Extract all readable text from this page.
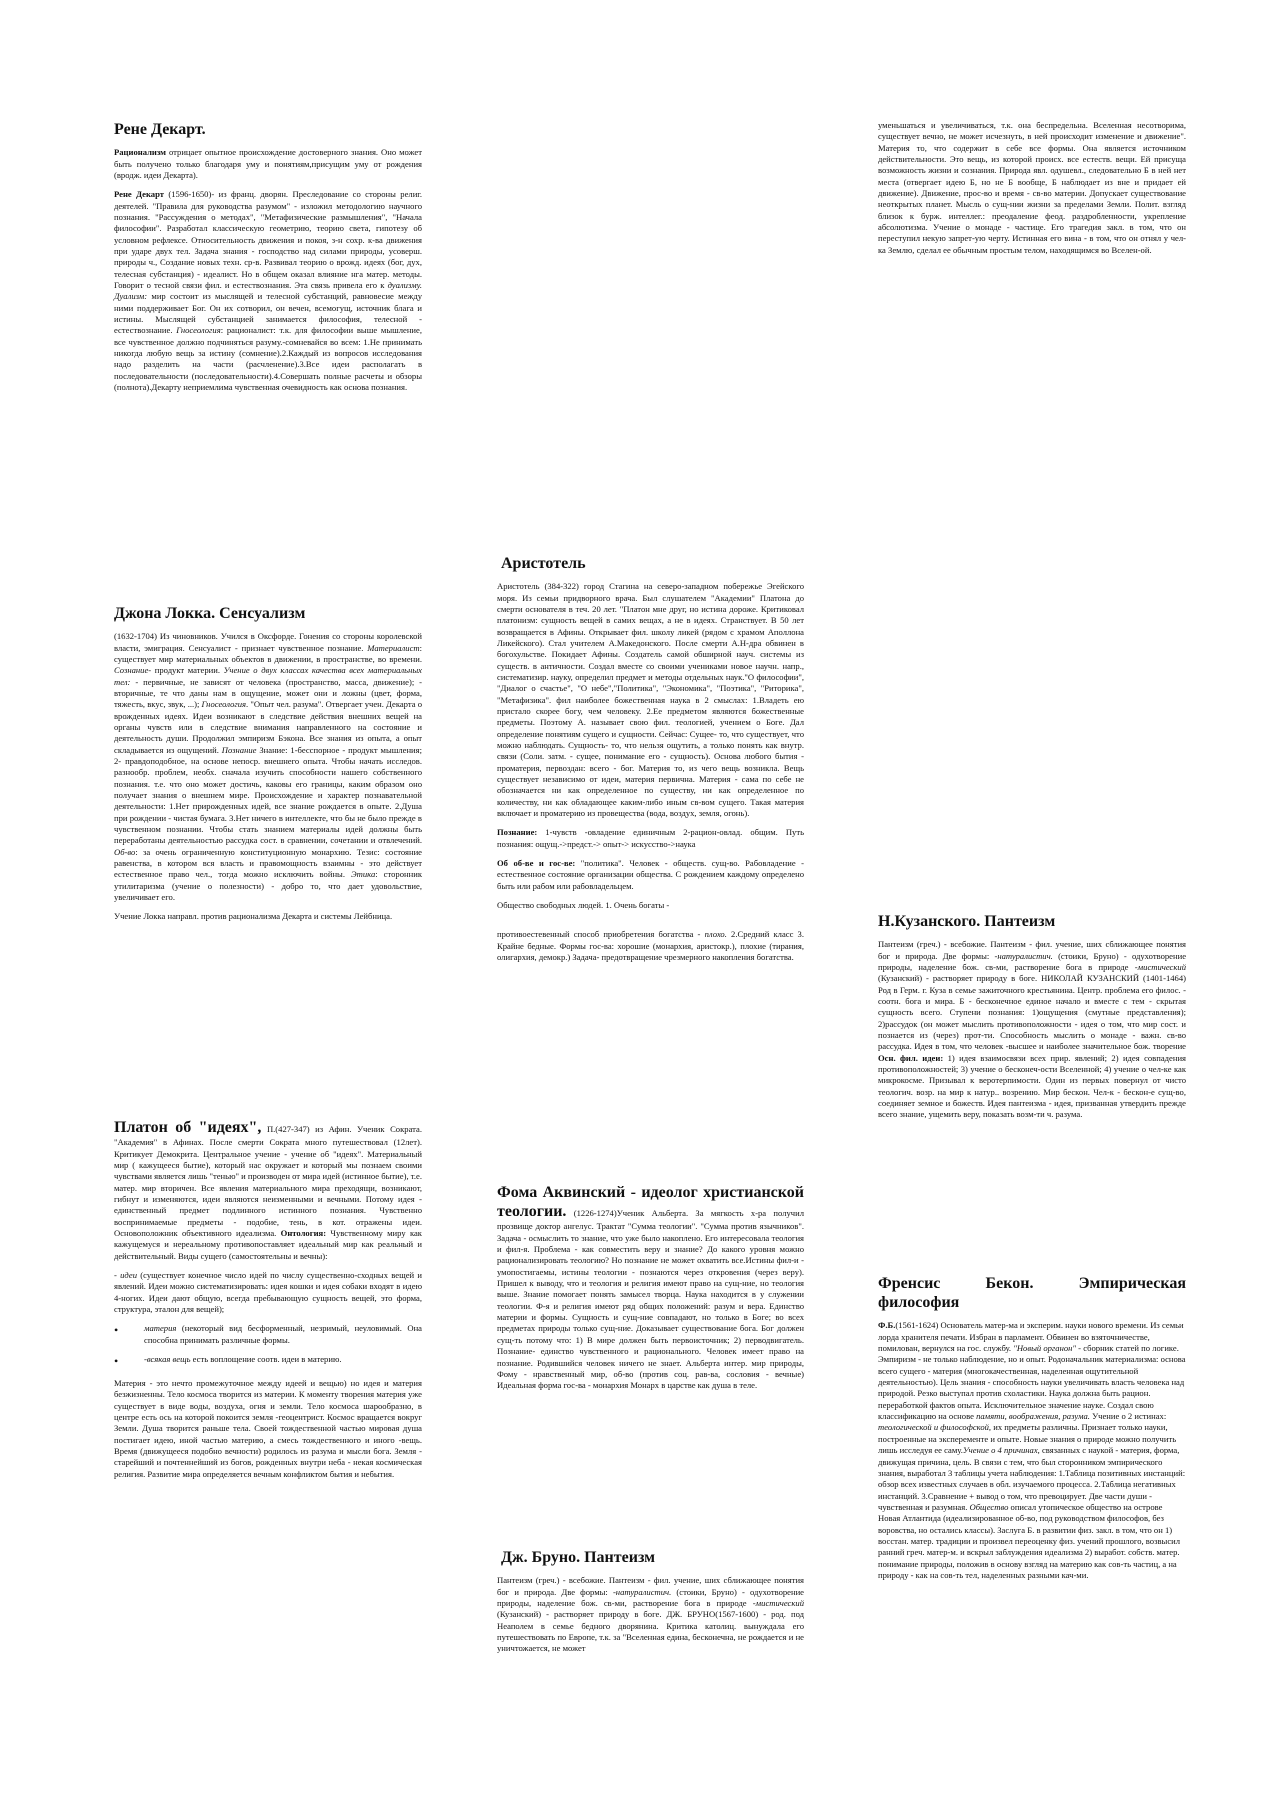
Рене Декарт.

Рационализм отрицает опытное происхождение достоверного знания. Оно может быть получено только благодаря уму и понятиям,присущим уму от рождения (вродж. идеи Декарта).

Рене Декарт (1596-1650)- из франц. дворян. Преследование со стороны религ. деятелей. "Правила для руководства разумом" - изложил методологию научного познания. "Рассуждения о методах", "Метафизические размышления", "Начала философии". Разработал классическую геометрию, теорию света, гипотезу об условном рефлексе. Относительность движения и покоя, з-н сохр. к-ва движения при ударе двух тел. Задача знания - господство над силами природы, усоверш. природы ч., Создание новых техн. ср-в. Развивал теорию о врожд. идеях (бог, дух, телесная субстанция) - идеалист. Но в общем оказал влияние нга матер. методы. Говорит о тесной связи фил. и естествознания. Эта связь привела его к дуализму. Дуализм: мир состоит из мыслящей и телесной субстанций, равновесие между ними поддерживает Бог. Он их сотворил, он вечен, всемогущ, источник блага и истины. Мыслящей субстанцией занимается философия, телесной - естествознание. Гносеология: рационалист: т.к. для философии выше мышление, все чувственное должно подчиняться разуму.-сомневайся во всем: 1.Не принимать никогда любую вещь за истину (сомнение).2.Каждый из вопросов исследования надо разделить на части (расчленение).3.Все идеи располагать в последовательности (последовательности).4.Совершать полные расчеты и обзоры (полнота).Декарту неприемлима чувственная очевидность как основа познания.

Джона Локка. Сенсуализм

(1632-1704) Из чиновников. Учился в Оксфорде. Гонения со стороны королевской власти, эмиграция. Сенсуалист - признает чувственное познание. Материалист: существует мир материальных объектов в движении, в пространстве, во времени. Сознание- продукт материи. Учение о двух классах качества всех материальных тел: - первичные, не зависят от человека (пространство, масса, движение); - вторичные, те что даны нам в ощущение, может они и ложны (цвет, форма, тяжесть, вкус, звук, ...); Гносеология. "Опыт чел. разума". Отвергает учен. Декарта о врожденных идеях. Идеи возникают в следствие действия внешних вещей на органы чувств или в следствие внимания направленного на состояние и деятельность души. Продолжил эмпиризм Бэкона. Все знания из опыта, а опыт складывается из ощущений. Познание Знание: 1-бесспорное - продукт мышления; 2- правдоподобное, на основе непоср. внешнего опыта. Чтобы начать исследов. разнообр. проблем, необх. сначала изучить способности нашего собственного познания. т.е. что оно может достичь, каковы его границы, каким образом оно получает знания о внешнем мире. Происхождение и характер познавательной деятельности: 1.Нет прирожденных идей, все знание рождается в опыте. 2.Душа при рождении - чистая бумага. 3.Нет ничего в интеллекте, что бы не было прежде в чувственном познании. Чтобы стать знанием материалы идей должны быть переработаны деятельностью рассудка сост. в сравнении, сочетании и отвлечений. Об-во: за очень ограниченную конституционную монархию. Тезис: состояние равенства, в котором вся власть и правомощность взаимны - это действует естественное право чел., тогда можно исключить войны. Этика: сторонник утилитаризма (учение о полезности) - добро то, что дает удовольствие, увеличивает его.

Учение Локка направл. против рационализма Декарта и системы Лейбница.

Платон об "идеях", П.(427-347) из Афин. Ученик Сократа. "Академия" в Афинах. После смерти Сократа много путешествовал (12лет). Критикует Демокрита. Центральное учение - учение об "идеях". Материальный мир ( кажущееся бытие), который нас окружает и который мы познаем своими чувствами является лишь "тенью" и производен от мира идей (истинное бытие), т.е. матер. мир вторичен. Все явления материального мира преходящи, возникают, гибнут и изменяются, идеи являются неизменными и вечными. Потому идея - единственный предмет подлинного истинного познания. Чувственно воспринимаемые предметы - подобие, тень, в кот. отражены идеи. Основоположник объективного идеализма. Онтология: Чувственному миру как кажущемуся и нереальному противопоставляет идеальный мир как реальный и действительный. Виды сущего (самостоятельны и вечны):

- идеи (существует конечное число идей по числу существенно-сходных вещей и явлений. Идеи можно систематизировать: идея кошки и идея собаки входят в идею 4-ногих. Идеи дают общую, всегда пребывающую сущность вещей, это форма, структура, эталон для вещей);

•	материя (некоторый вид бесформенный, незримый, неуловимый. Она способна принимать различные формы.
•	-всякая вещь есть воплощение соотв. идеи в материю.

Материя - это нечто промежуточное между идеей и вещью) но идея и материя безжизненны. Тело космоса творится из материи. К моменту творения материя уже существует в виде воды, воздуха, огня и земли. Тело космоса шарообразно, в центре есть ось на которой покоится земля -геоцентрист. Космос вращается вокруг Земли. Душа творится раньше тела. Своей тождественной частью мировая душа постигает идею, иной частью материю, а смесь тождественного и иного -вещь. Время (движущееся подобно вечности) родилось из разума и мысли бога. Земля - старейший и почтеннейший из богов, рожденных внутри неба - некая космическая религия. Развитие мира определяется вечным конфликтом бытия и небытия.

Аристотель

Аристотель (384-322) город Стагина на северо-западном побережье Эгейского моря. Из семьи придворного врача. Был слушателем "Академии" Платона до смерти основателя в теч. 20 лет. "Платон мне друг, но истина дороже. Критиковал платонизм: сущность вещей в самих вещах, а не в идеях. Странствует. В 50 лет возвращается в Афины. Открывает фил. школу ликей (рядом с храмом Аполлона Ликейского). Стал учителем А.Македонского. После смерти А.Н-дра обвинен в богохульстве. Покидает Афины. Создатель самой обширной науч. системы из существ. в античности. Создал вместе со своими учениками новое научн. напр., систематизир. науку, определил предмет и методы отдельных наук."О философии", "Диалог о счастье", "О небе","Политика", "Экономика", "Поэтика", "Риторика", "Метафизика". фил наиболее божественная наука в 2 смыслах: 1.Владеть ею пристало скорее богу, чем человеку. 2.Ее предметом являются божественные предметы. Поэтому А. называет свою фил. теологией, учением о Боге. Дал определение понятиям сущего и сущности. Сейчас: Сущее- то, что существует, что можно наблюдать. Сущность- то, что нельзя ощутить, а только понять как внутр. связи (Соли. затм. - сущее, понимание его - сущность). Основа любого бытия - проматерия, первоздан: всего - бог. Материя то, из чего вещь возникла. Вещь существует независимо от идеи, материя первична. Материя - сама по себе не обозначается ни как определенное по существу, ни как определенное по количеству, ни как обладающее каким-либо иным св-вом сущего. Такая материя включает и проматерию из провещества (вода, воздух, земля, огонь).

Познание: 1-чувств -овладение единичным 2-рацион-овлад. общим. Путь познания: ощущ.->предст.-> опыт-> искусство->наука

Об об-ве и гос-ве: "политика". Человек - обществ. сущ-во. Рабовладение - естественное состояние организации общества. С рождением каждому определено быть или рабом или рабовладельцем.

Общество свободных людей. 1. Очень богаты -

противоестевенный способ приобретения богатства - плохо. 2.Средний класс 3. Крайне бедные. Формы гос-ва: хорошие (монархия, аристокр.), плохие (тирания, олигархия, демокр.) Задача- предотвращение чрезмерного накопления богатства.

Фома Аквинский - идеолог христианской теологии. (1226-1274)Ученик Альберта. За мягкость х-ра получил прозвище доктор ангелус. Трактат "Сумма теологии". "Сумма против язычников". Задача - осмыслить то знание, что уже было накоплено. Его интересовала теология и фил-я. Проблема - как совместить веру и знание? До какого уровня можно рационализировать теологию? Но познание не может охватить все.Истины фил-и - умопостигаемы, истины теологии - познаются через откровения (через веру). Пришел к выводу, что и теология и религия имеют право на сущ-ние, но теология выше. Знание помогает понять замысел творца. Наука находится в у служении теологии. Ф-я и религия имеют ряд общих положений: разум и вера. Единство материи и формы. Сущность и сущ-ние совпадают, но только в Боге; во всех предметах природы только сущ-ние. Доказывает существование бога. Бог должен сущ-ть потому что: 1) В мире должен быть первоисточник; 2) перводвигатель. Познание- единство чувственного и рационального. Человек имеет право на познание. Родившийся человек ничего не знает. Альберта интер. мир природы, Фому - нравственный мир, об-во (против соц. рав-ва, сословия - вечные) Идеальная форма гос-ва - монархия Монарх в царстве как душа в теле.

Дж. Бруно. Пантеизм

Пантеизм (греч.) - всебожие. Пантеизм - фил. учение, ших сближающее понятия бог и природа. Две формы: -натуралистич. (стоики, Бруно) - одухотворение природы, наделение бож. св-ми, растворение бога в природе -мистический (Кузанский) - растворяет природу в боге. ДЖ. БРУНО(1567-1600) - род. под Неаполем в семье бедного дворянина. Критика католиц. вынуждала его путешествовать по Европе, т.к. за "Вселенная едина, бесконечна, не рождается и не уничтожается, не может

уменьшаться и увеличиваться, т.к. она беспредельна. Вселенная несотворима, существует вечно, не может исчезнуть, в ней происходит изменение и движение". Материя то, что содержит в себе все формы. Она является источником действительности. Это вещь, из которой происх. все естеств. вещи. Ей присуща возможность жизни и сознания. Природа явл. одушевл., следовательно Б в ней нет места (отвергает идею Б, но не Б вообще, Б наблюдает из вне и придает ей движение). Движение, прос-во и время - св-во материи. Допускает существование неоткрытых планет. Мысль о сущ-нии жизни за пределами Земли. Полит. взгляд близок к бурж. интеллег.: преодаление феод. раздробленности, укрепление абсолютизма. Учение о монаде - частице. Его трагедия закл. в том, что он переступил некую запрет-ую черту. Истинная его вина - в том, что он отнял у чел-ка Землю, сделал ее обычным простым телом, находящимся во Вселен-ой.

Н.Кузанского. Пантеизм

Пантеизм (греч.) - всебожие. Пантеизм - фил. учение, ших сближающее понятия бог и природа. Две формы: -натуралистич. (стоики, Бруно) - одухотворение природы, наделение бож. св-ми, растворение бога в природе -мистический (Кузанский) - растворяет природу в боге. НИКОЛАЙ КУЗАНСКИЙ (1401-1464) Род в Герм. г. Куза в семье зажиточного крестьянина. Центр. проблема его филос. - соотн. бога и мира. Б - бесконечное единое начало и вместе с тем - скрытая сущность всего. Ступени познания: 1)ощущения (смутные представления); 2)рассудок (он может мыслить противоположности - идея о том, что мир сост. и познается из (через) прот-ти. Способность мыслить о монаде - важн. св-во рассудка. Идея в том, что человек -высшее и наиболее значительное бож. творение Осн. фил. идеи: 1) идея взаимосвязи всех прир. явлений; 2) идея совпадения противоположностей; 3) учение о бесконеч-ости Вселенной; 4) учение о чел-ке как микрокосме. Призывал к веротерпимости. Один из первых повернул от чисто теологич. возр. на мир к натур.. возрению. Мир бескон. Чел-к - бескон-е сущ-во, соединяет земное и божеств. Идея пантеизма - идея, призванная утвердить прежде всего знание, ущемить веру, показать возм-ти ч. разума.

Френсис Бекон. Эмпирическая философия

Ф.Б.(1561-1624) Основатель матер-ма и эксперим. науки нового времени. Из семьи лорда хранителя печати. Избран в парламент. Обвинен во взяточничестве, помилован, вернулся на гос. службу. "Новый органон" - сборник статей по логике. Эмпиризм - не только наблюдение, но и опыт. Родоначальник материализма: основа всего сущего - материя (многокачественная, наделенная ощутительной деятельностью). Цель знания - способность науки увеличивать власть человека над природой. Резко выступал против схоластики. Наука должна быть рацион. переработкой фактов опыта. Исключительное значение науке. Создал свою классификацию на основе памяти, воображения, разума. Учение о 2 истинах: теологической и философской, их предметы различны. Признает только науки, построенные на эксперементе и опыте. Новые знания о природе можно получить лишь исследуя ее саму.Учение о 4 причинах, связанных с наукой - материя, форма, движущая причина, цель. В связи с тем, что был сторонником эмпирического знания, выработал 3 таблицы учета наблюдения: 1.Таблица позитивных инстанций: обзор всех известных случаев в обл. изучаемого процесса. 2.Таблица негативных инстанций. 3.Сравнение + вывод о том, что превоцирует. Две части души - чувственная и разумная. Общество описал утопическое общество на острове Новая Атлантида (идеализированное об-во, под руководством философов, без воровства, но остались классы). Заслуга Б. в развитии физ. закл. в том, что он 1) восстан. матер. традиции и произвел переоценку физ. учений прошлого, возвысил ранний греч. матер-м. и вскрыл заблуждения идеализма 2) выработ. собств. матер. понимание природы, положив в основу взгляд на материю как сов-ть частиц, а на природу - как на сов-ть тел, наделенных разными кач-ми.
